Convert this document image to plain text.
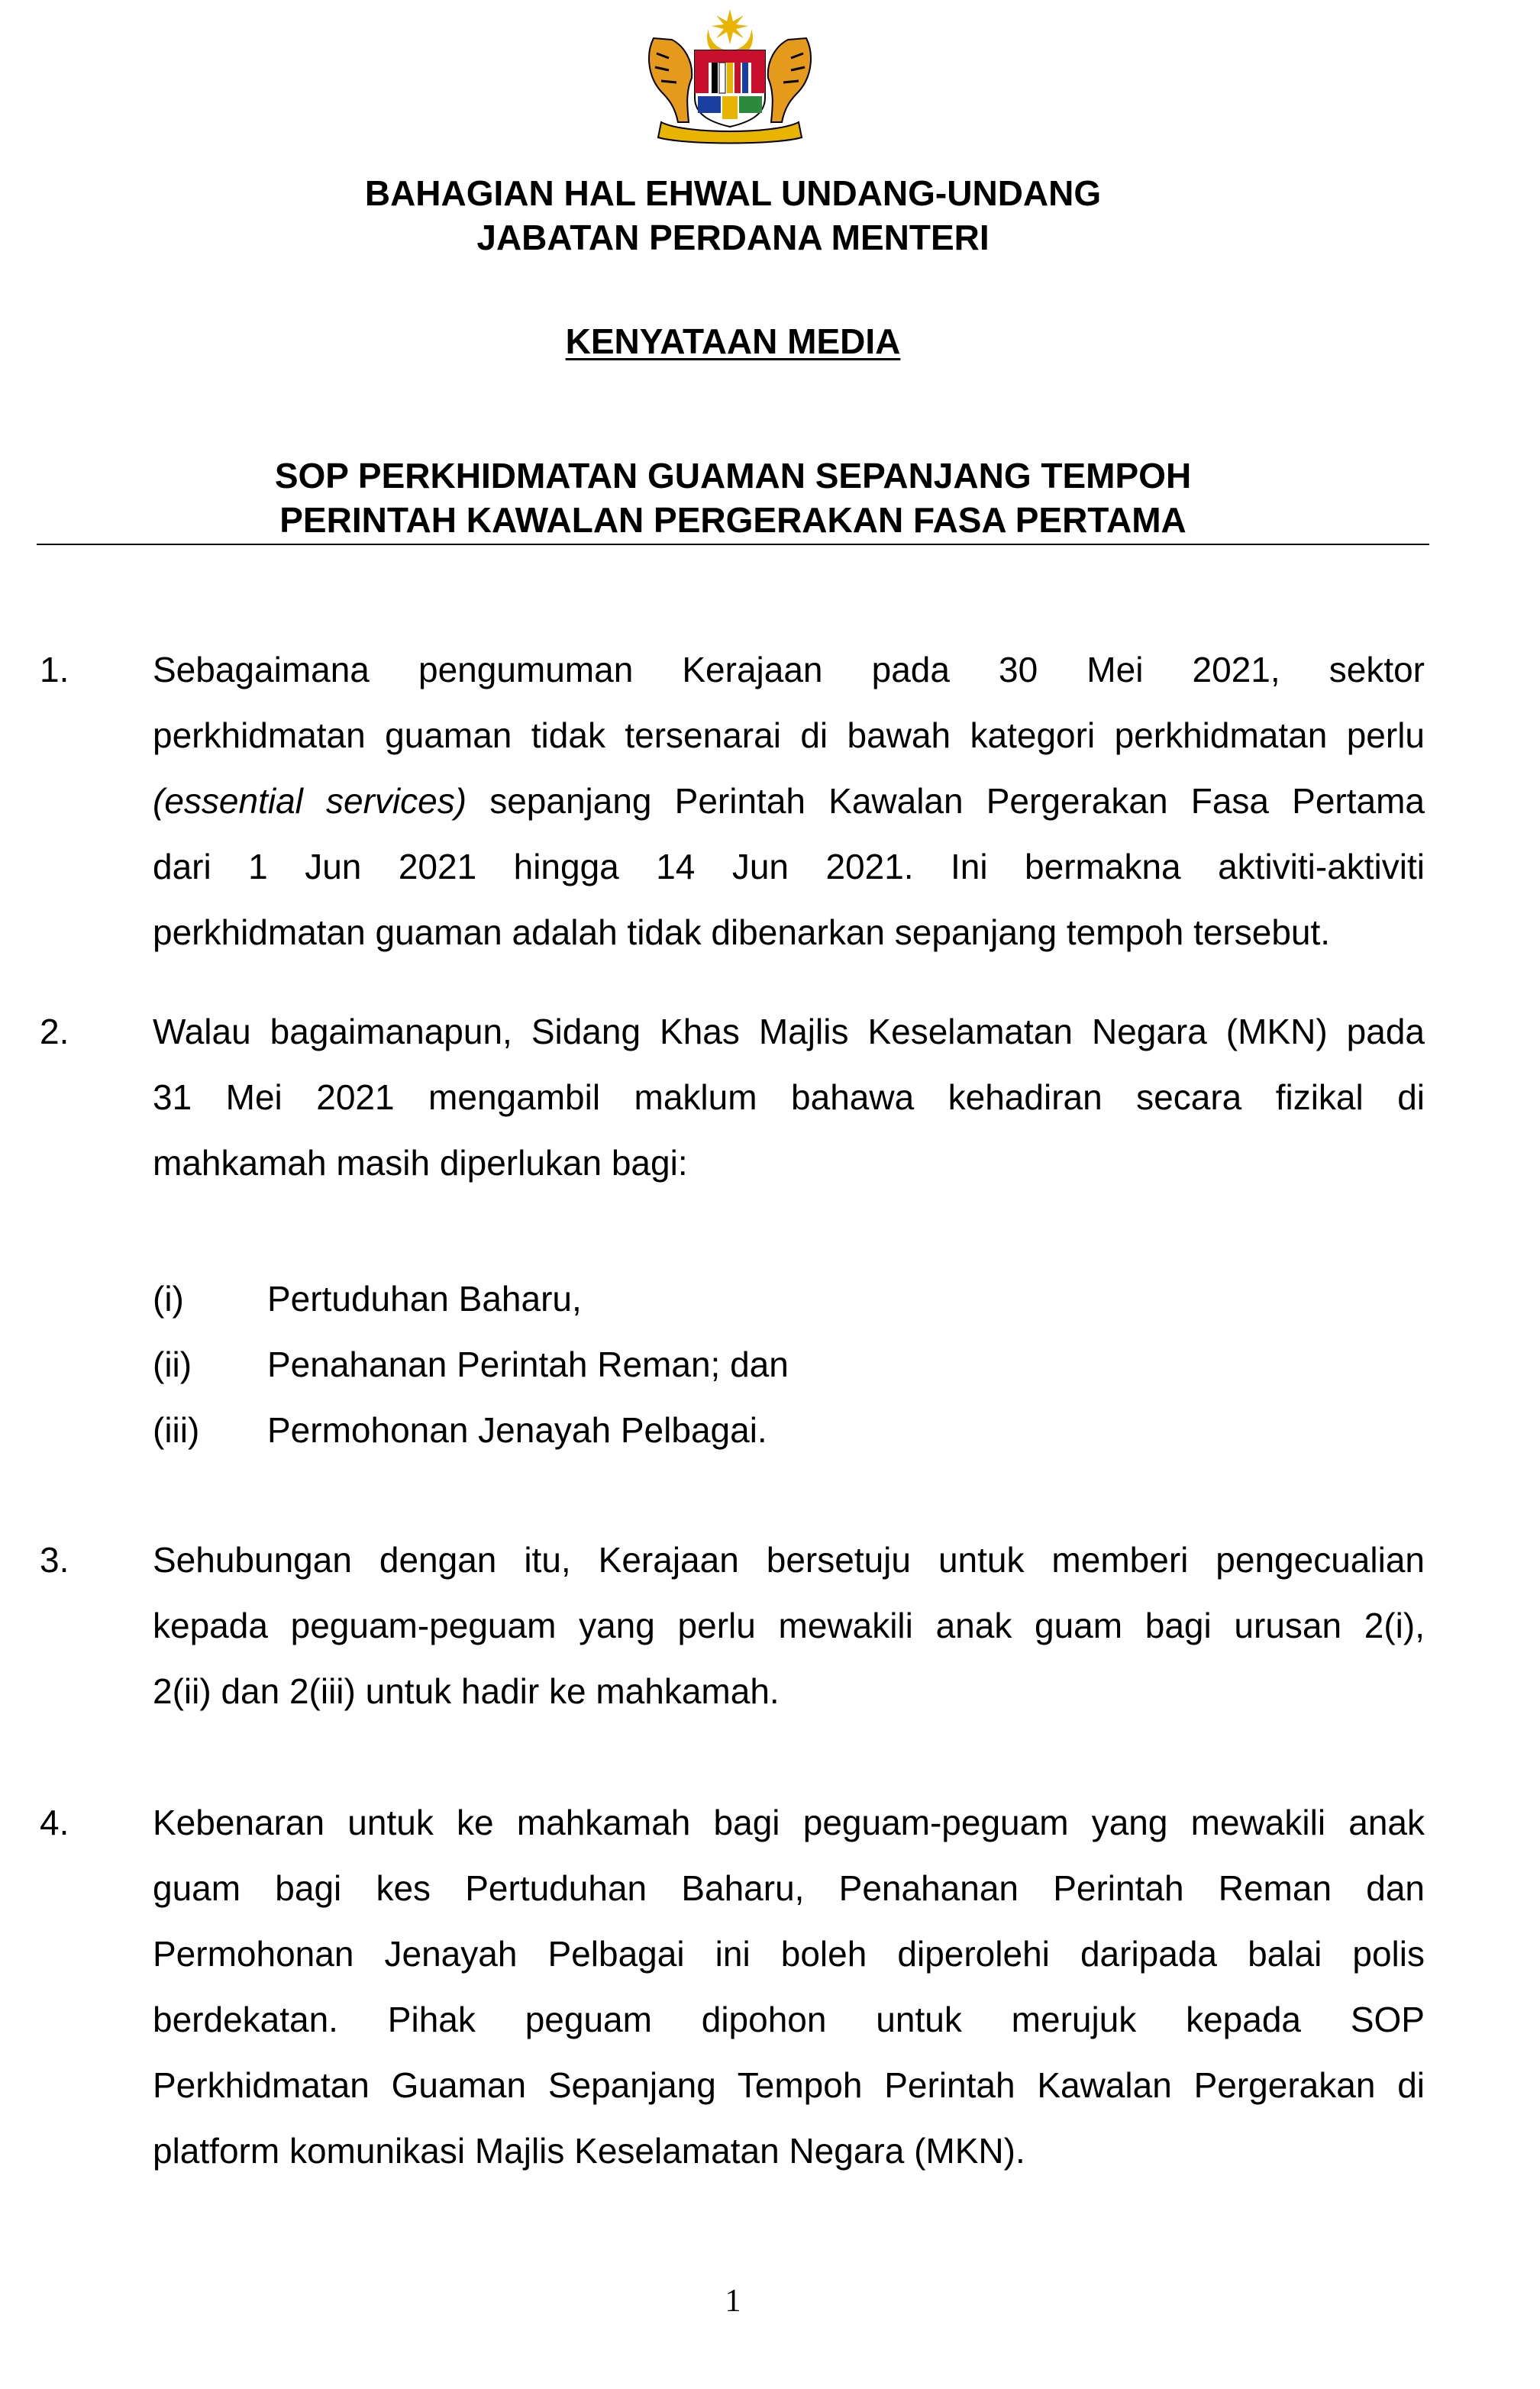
BAHAGIAN HAL EHWAL UNDANG-UNDANG
JABATAN PERDANA MENTERI
KENYATAAN MEDIA
SOP PERKHIDMATAN GUAMAN SEPANJANG TEMPOH
PERINTAH KAWALAN PERGERAKAN FASA PERTAMA
1. Sebagaimana pengumuman Kerajaan pada 30 Mei 2021, sektor
perkhidmatan guaman tidak tersenarai di bawah kategori perkhidmatan perlu
(essential services) sepanjang Perintah Kawalan Pergerakan Fasa Pertama
dari 1 Jun 2021 hingga 14 Jun 2021. Ini bermakna aktiviti-aktiviti
perkhidmatan guaman adalah tidak dibenarkan sepanjang tempoh tersebut.
2. Walau bagaimanapun, Sidang Khas Majlis Keselamatan Negara (MKN) pada
31 Mei 2021 mengambil maklum bahawa kehadiran secara fizikal di
mahkamah masih diperlukan bagi:
(i) Pertuduhan Baharu,
(ii) Penahanan Perintah Reman; dan
(iii) Permohonan Jenayah Pelbagai.
3. Sehubungan dengan itu, Kerajaan bersetuju untuk memberi pengecualian
kepada peguam-peguam yang perlu mewakili anak guam bagi urusan 2(i),
2(ii) dan 2(iii) untuk hadir ke mahkamah.
4. Kebenaran untuk ke mahkamah bagi peguam-peguam yang mewakili anak
guam bagi kes Pertuduhan Baharu, Penahanan Perintah Reman dan
Permohonan Jenayah Pelbagai ini boleh diperolehi daripada balai polis
berdekatan. Pihak peguam dipohon untuk merujuk kepada SOP
Perkhidmatan Guaman Sepanjang Tempoh Perintah Kawalan Pergerakan di
platform komunikasi Majlis Keselamatan Negara (MKN).
1
